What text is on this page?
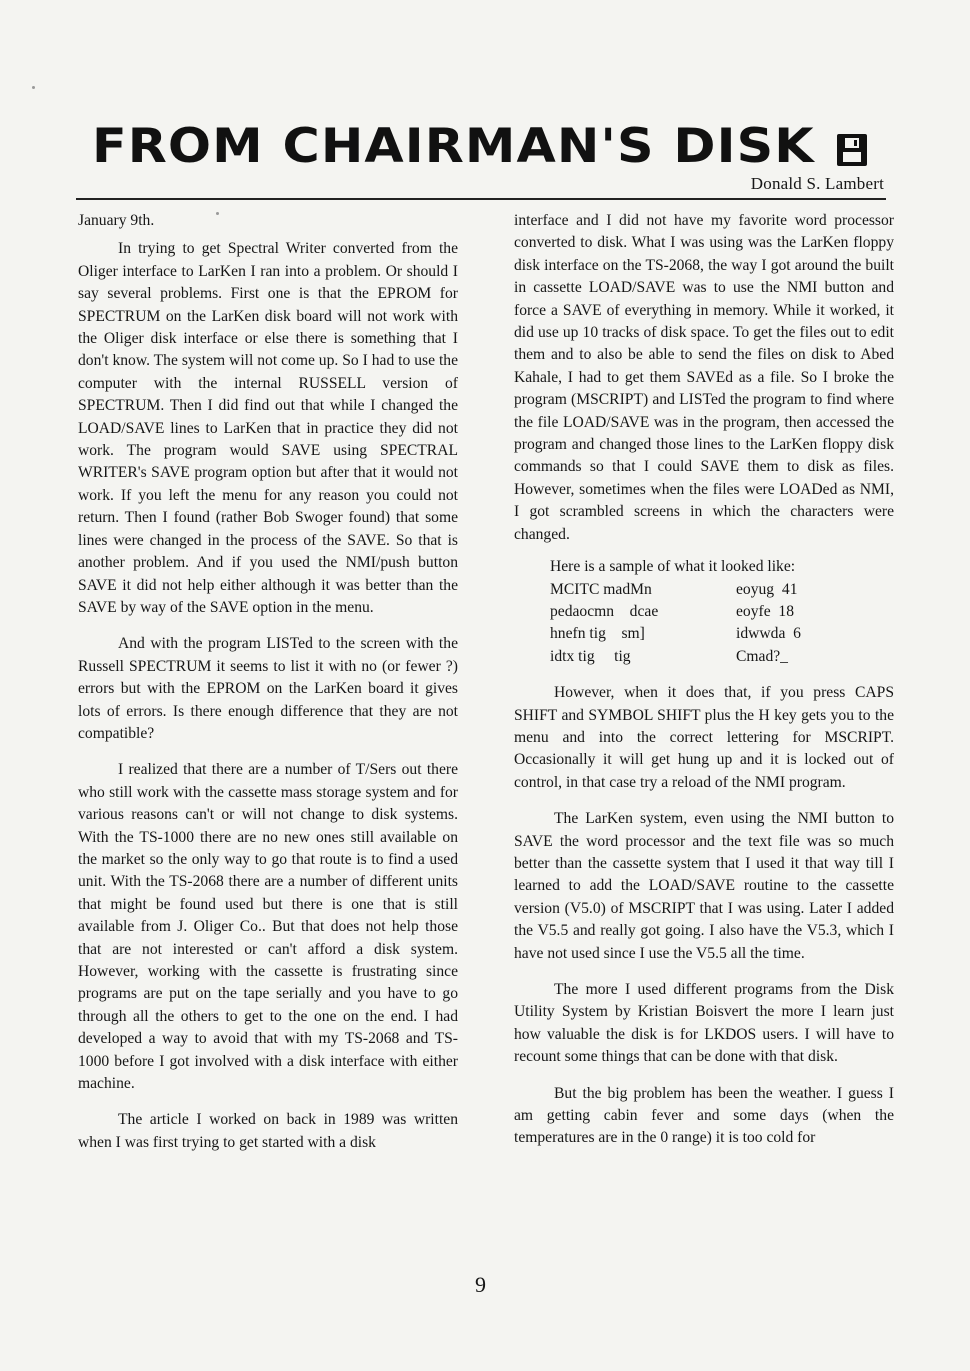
FROM CHAIRMAN'S DISK
Donald S. Lambert

January 9th.

In trying to get Spectral Writer converted from the Oliger interface to LarKen I ran into a problem. Or should I say several problems. First one is that the EPROM for SPECTRUM on the LarKen disk board will not work with the Oliger disk interface or else there is something that I don't know. The system will not come up. So I had to use the computer with the internal RUSSELL version of SPECTRUM. Then I did find out that while I changed the LOAD/SAVE lines to LarKen that in practice they did not work. The program would SAVE using SPECTRAL WRITER's SAVE program option but after that it would not work. If you left the menu for any reason you could not return. Then I found (rather Bob Swoger found) that some lines were changed in the process of the SAVE. So that is another problem. And if you used the NMI/push button SAVE it did not help either although it was better than the SAVE by way of the SAVE option in the menu.

And with the program LISTed to the screen with the Russell SPECTRUM it seems to list it with no (or fewer ?) errors but with the EPROM on the LarKen board it gives lots of errors. Is there enough difference that they are not compatible?

I realized that there are a number of T/Sers out there who still work with the cassette mass storage system and for various reasons can't or will not change to disk systems. With the TS-1000 there are no new ones still available on the market so the only way to go that route is to find a used unit. With the TS-2068 there are a number of different units that might be found used but there is one that is still available from J. Oliger Co.. But that does not help those that are not interested or can't afford a disk system. However, working with the cassette is frustrating since programs are put on the tape serially and you have to go through all the others to get to the one on the end. I had developed a way to avoid that with my TS-2068 and TS-1000 before I got involved with a disk interface with either machine.

The article I worked on back in 1989 was written when I was first trying to get started with a disk

interface and I did not have my favorite word processor converted to disk. What I was using was the LarKen floppy disk interface on the TS-2068, the way I got around the built in cassette LOAD/SAVE was to use the NMI button and force a SAVE of everything in memory. While it worked, it did use up 10 tracks of disk space. To get the files out to edit them and to also be able to send the files on disk to Abed Kahale, I had to get them SAVEd as a file. So I broke the program (MSCRIPT) and LISTed the program to find where the file LOAD/SAVE was in the program, then accessed the program and changed those lines to the LarKen floppy disk commands so that I could SAVE them to disk as files. However, sometimes when the files were LOADed as NMI, I got scrambled screens in which the characters were changed.

Here is a sample of what it looked like:
MCITC madMn	eoyug  41
pedaocmn    dcae	eoyfe  18
hnefn tig    sm]	idwwda  6
idtx tig     tig	Cmad?_

However, when it does that, if you press CAPS SHIFT and SYMBOL SHIFT plus the H key gets you to the menu and into the correct lettering for MSCRIPT. Occasionally it will get hung up and it is locked out of control, in that case try a reload of the NMI program.

The LarKen system, even using the NMI button to SAVE the word processor and the text file was so much better than the cassette system that I used it that way till I learned to add the LOAD/SAVE routine to the cassette version (V5.0) of MSCRIPT that I was using. Later I added the V5.5 and really got going. I also have the V5.3, which I have not used since I use the V5.5 all the time.

The more I used different programs from the Disk Utility System by Kristian Boisvert the more I learn just how valuable the disk is for LKDOS users. I will have to recount some things that can be done with that disk.

But the big problem has been the weather. I guess I am getting cabin fever and some days (when the temperatures are in the 0 range) it is too cold for

9
